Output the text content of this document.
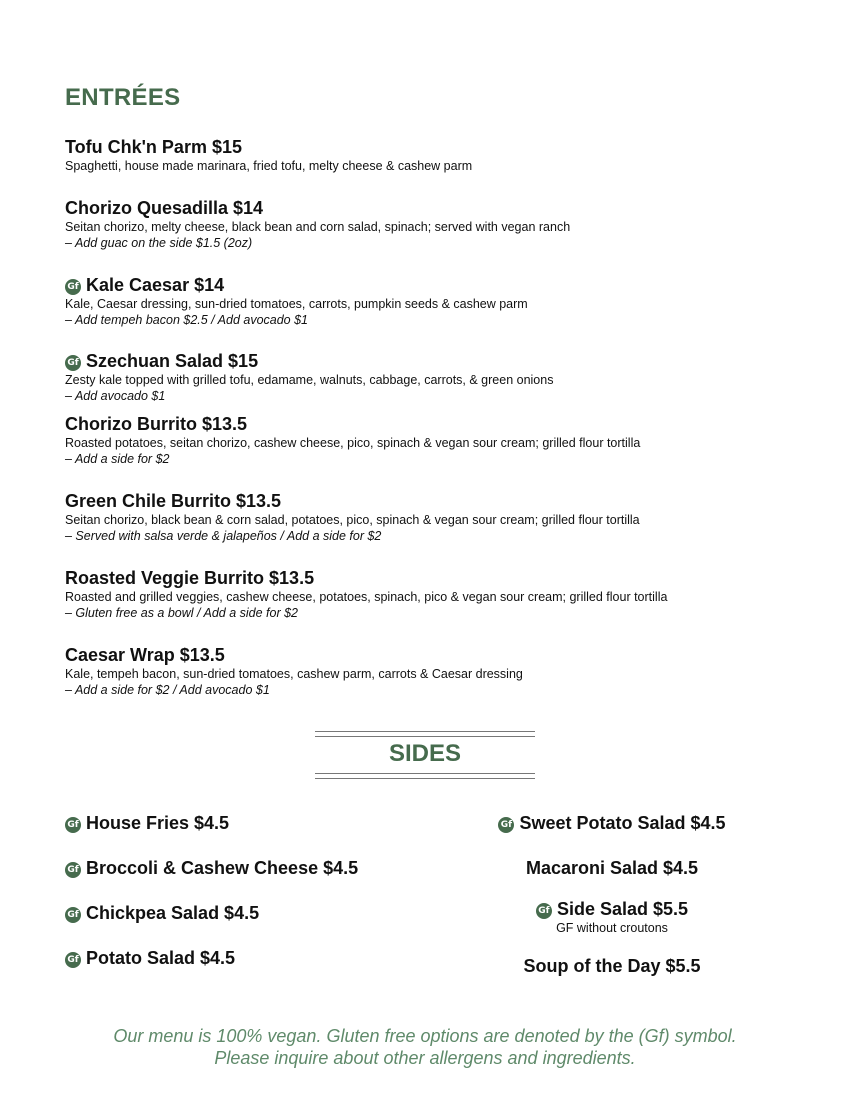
ENTRÉES

Tofu Chk'n Parm $15

Spaghetti, house made marinara, fried tofu, melty cheese & cashew parm

Chorizo Quesadilla $14

Seitan chorizo, melty cheese, black bean and corn salad, spinach; served with vegan ranch

– Add guac on the side $1.5 (2oz)

Gf Kale Caesar $14

Kale, Caesar dressing, sun-dried tomatoes, carrots, pumpkin seeds & cashew parm

– Add tempeh bacon $2.5 / Add avocado $1

Gf Szechuan Salad $15

Zesty kale topped with grilled tofu, edamame, walnuts, cabbage, carrots, & green onions

– Add avocado $1

Chorizo Burrito $13.5

Roasted potatoes, seitan chorizo, cashew cheese, pico, spinach & vegan sour cream; grilled flour tortilla

– Add a side for $2

Green Chile Burrito $13.5

Seitan chorizo, black bean & corn salad, potatoes, pico, spinach & vegan sour cream; grilled flour tortilla

– Served with salsa verde & jalapeños / Add a side for $2

Roasted Veggie Burrito $13.5

Roasted and grilled veggies, cashew cheese, potatoes, spinach, pico & vegan sour cream; grilled flour tortilla

– Gluten free as a bowl / Add a side for $2

Caesar Wrap $13.5

Kale, tempeh bacon, sun-dried tomatoes, cashew parm, carrots & Caesar dressing

– Add a side for $2 / Add avocado $1

SIDES
Gf House Fries $4.5
Gf Broccoli & Cashew Cheese $4.5
Gf Chickpea Salad $4.5
Gf Potato Salad $4.5
Gf Sweet Potato Salad $4.5
Macaroni Salad $4.5
Gf Side Salad $5.5
GF without croutons
Soup of the Day $5.5

Our menu is 100% vegan. Gluten free options are denoted by the (Gf) symbol.

Please inquire about other allergens and ingredients.
